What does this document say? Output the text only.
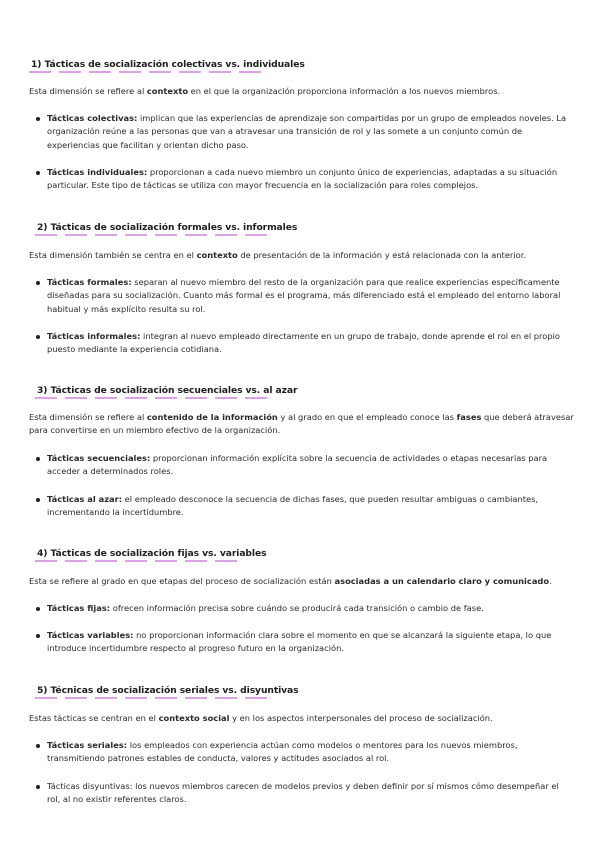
1) Tácticas de socialización colectivas vs. individuales
Esta dimensión se refiere al contexto en el que la organización proporciona información a los nuevos miembros.
Tácticas colectivas: implican que las experiencias de aprendizaje son compartidas por un grupo de empleados noveles. La organización reúne a las personas que van a atravesar una transición de rol y las somete a un conjunto común de experiencias que facilitan y orientan dicho paso.
Tácticas individuales: proporcionan a cada nuevo miembro un conjunto único de experiencias, adaptadas a su situación particular. Este tipo de tácticas se utiliza con mayor frecuencia en la socialización para roles complejos.
2) Tácticas de socialización formales vs. informales
Esta dimensión también se centra en el contexto de presentación de la información y está relacionada con la anterior.
Tácticas formales: separan al nuevo miembro del resto de la organización para que realice experiencias específicamente diseñadas para su socialización. Cuanto más formal es el programa, más diferenciado está el empleado del entorno laboral habitual y más explícito resulta su rol.
Tácticas informales: integran al nuevo empleado directamente en un grupo de trabajo, donde aprende el rol en el propio puesto mediante la experiencia cotidiana.
3) Tácticas de socialización secuenciales vs. al azar
Esta dimensión se refiere al contenido de la información y al grado en que el empleado conoce las fases que deberá atravesar para convertirse en un miembro efectivo de la organización.
Tácticas secuenciales: proporcionan información explícita sobre la secuencia de actividades o etapas necesarias para acceder a determinados roles.
Tácticas al azar: el empleado desconoce la secuencia de dichas fases, que pueden resultar ambiguas o cambiantes, incrementando la incertidumbre.
4) Tácticas de socialización fijas vs. variables
Esta se refiere al grado en que etapas del proceso de socialización están asociadas a un calendario claro y comunicado.
Tácticas fijas: ofrecen información precisa sobre cuándo se producirá cada transición o cambio de fase.
Tácticas variables: no proporcionan información clara sobre el momento en que se alcanzará la siguiente etapa, lo que introduce incertidumbre respecto al progreso futuro en la organización.
5) Técnicas de socialización seriales vs. disyuntivas
Estas tácticas se centran en el contexto social y en los aspectos interpersonales del proceso de socialización.
Tácticas seriales: los empleados con experiencia actúan como modelos o mentores para los nuevos miembros, transmitiendo patrones estables de conducta, valores y actitudes asociados al rol.
Tácticas disyuntivas: los nuevos miembros carecen de modelos previos y deben definir por sí mismos cómo desempeñar el rol, al no existir referentes claros.
